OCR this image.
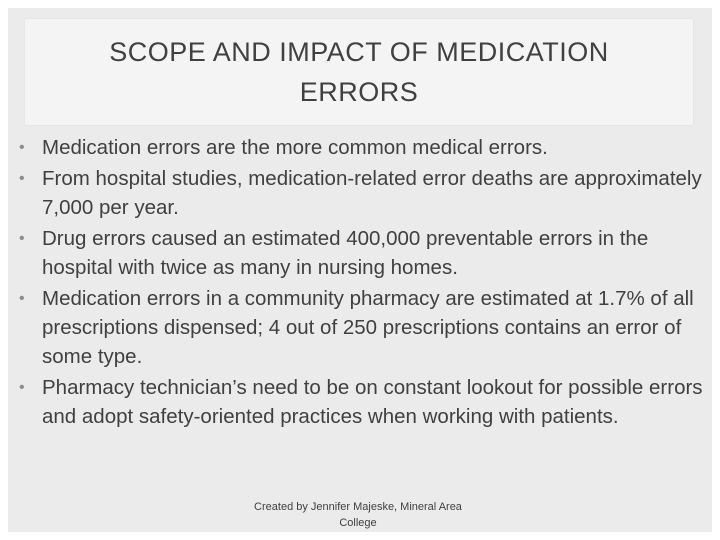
SCOPE AND IMPACT OF MEDICATION ERRORS
• Medication errors are the more common medical errors.
• From hospital studies, medication-related error deaths are approximately 7,000 per year.
• Drug errors caused an estimated 400,000 preventable errors in the hospital with twice as many in nursing homes.
• Medication errors in a community pharmacy are estimated at 1.7% of all prescriptions dispensed; 4 out of 250 prescriptions contains an error of some type.
• Pharmacy technician’s need to be on constant lookout for possible errors and adopt safety-oriented practices when working with patients.
Created by Jennifer Majeske, Mineral Area College
